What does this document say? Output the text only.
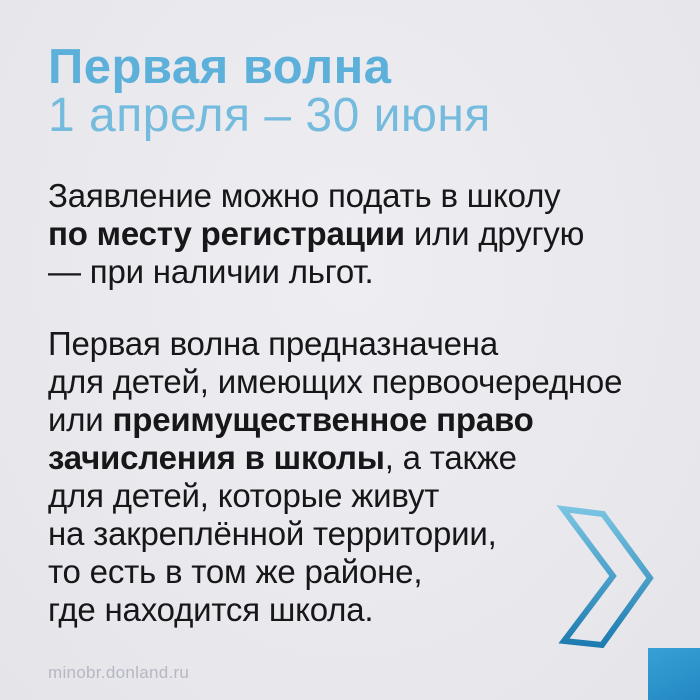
Первая волна
1 апреля – 30 июня
Заявление можно подать в школу
по месту регистрации или другую
— при наличии льгот.
Первая волна предназначена
для детей, имеющих первоочередное
или преимущественное право
зачисления в школы, а также
для детей, которые живут
на закреплённой территории,
то есть в том же районе,
где находится школа.
minobr.donland.ru
